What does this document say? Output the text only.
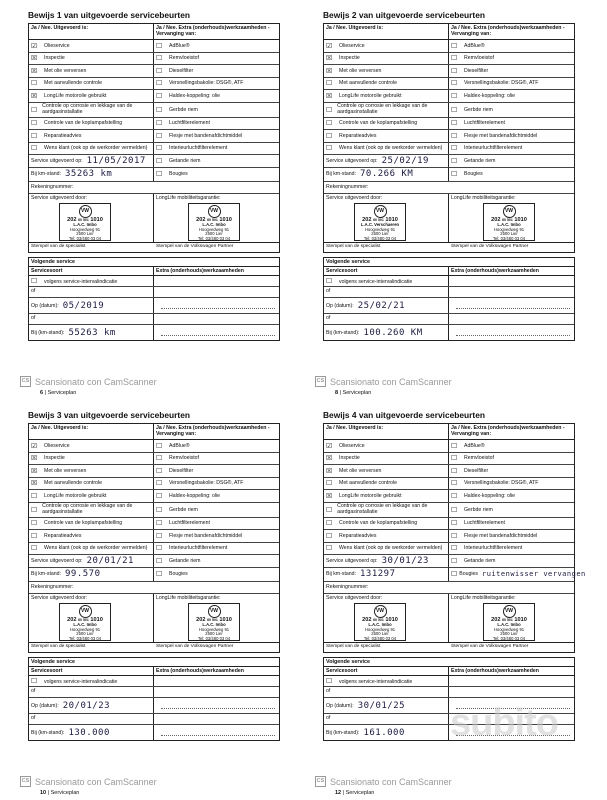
Bewijs 1 van uitgevoerde servicebeurten
Ja / Nee. Uitgevoerd is:	Ja / Nee. Extra (onderhouds)werkzaamheden - Vervanging van:
☑	Olieservice	☐	AdBlue®
☒	Inspectie	☐	Remvloeistof
☒	Met olie verversen	☐	Dieselfilter
☐	Met aanvullende controle	☐	Versnellingsbakolie: DSG®, ATF
☒	LongLife motorolie gebruikt	☐	Haldex-koppeling: olie
☐ Controle op corrosie en lekkage van de aardgasinstallatie	☐	Gerbde riem
☐	Controle van de koplampafstelling	☐	Luchtfilterelement
☐	Reparatieadvies	☐	Flesje met bandenafdichtmiddel
☐	Wens klant (ook op de werkorder vermelden) ☐	Interieurluchtfilterelement
Service uitgevoerd op: 11/05/2017 ☐	Getande riem
Bij km-stand: 35263 km	☐	Bougies
Rekeningnummer:
Service uitgevoerd door:
VW
202 60 501 1010
L.A.C. Imbo
Hoogvedweg 91
2500 Lier
Tel: 03/480 03 04
LongLife mobiliteitsgarantie:
VW
202 60 501 1010
L.A.C. Imbo
Hoogvedweg 91
2500 Lier
Tel: 03/480 03 04
Stempel van de specialist	Stempel van de Volkswagen Partner
Volgende service
Servicesoort	Extra (onderhouds)werkzaamheden
☐ volgens service-intervalindicatie
of
Op (datum): 05/2019
of
Bij (km-stand): 55263 km
CS Scansionato con CamScanner
6 | Serviceplan
Bewijs 2 van uitgevoerde servicebeurten
Ja / Nee. Uitgevoerd is:	Ja / Nee. Extra (onderhouds)werkzaamheden - Vervanging van:
☑	Olieservice	☐	AdBlue®
☒	Inspectie	☐	Remvloeistof
☒	Met olie verversen	☐	Dieselfilter
☐	Met aanvullende controle	☐	Versnellingsbakolie: DSG®, ATF
☒	LongLife motorolie gebruikt	☐	Haldex-koppeling: olie
☐ Controle op corrosie en lekkage van de aardgasinstallatie	☐	Gerbde riem
☐	Controle van de koplampafstelling	☐	Luchtfilterelement
☐	Reparatieadvies	☐	Flesje met bandenafdichtmiddel
☐	Wens klant (ook op de werkorder vermelden) ☐	Interieurluchtfilterelement
Service uitgevoerd op: 25/02/19	☐	Getande riem
Bij km-stand: 70.266 KM	☐	Bougies
Rekeningnummer:
Service uitgevoerd door:
VW
202 60 501 1010
L.A.C. Verschaeren
Hoogvedweg 91
2500 Lier
Tel: 03/480 03 04
LongLife mobiliteitsgarantie:
VW
202 60 501 1010
L.A.C. Imbo
Hoogvedweg 91
2500 Lier
Tel: 03/480 03 04
Stempel van de specialist	Stempel van de Volkswagen Partner
Volgende service
Servicesoort	Extra (onderhouds)werkzaamheden
☐ volgens service-intervalindicatie
of
Op (datum): 25/02/21
of
Bij (km-stand): 100.260 KM
CS Scansionato con CamScanner
8 | Serviceplan
Bewijs 3 van uitgevoerde servicebeurten
Ja / Nee. Uitgevoerd is:	Ja / Nee. Extra (onderhouds)werkzaamheden - Vervanging van:
☑	Olieservice	☐	AdBlue®
☒	Inspectie	☐	Remvloeistof
☒	Met olie verversen	☐	Dieselfilter
☒	Met aanvullende controle	☐	Versnellingsbakolie: DSG®, ATF
☐	LongLife motorolie gebruikt	☐	Haldex-koppeling: olie
☐ Controle op corrosie en lekkage van de aardgasinstallatie	☐	Gerbde riem
☐	Controle van de koplampafstelling	☐	Luchtfilterelement
☐	Reparatieadvies	☐	Flesje met bandenafdichtmiddel
☐	Wens klant (ook op de werkorder vermelden) ☐	Interieurluchtfilterelement
Service uitgevoerd op: 20/01/21	☐	Getande riem
Bij km-stand: 99.570	☐	Bougies
Rekeningnummer:
Service uitgevoerd door:
VW
202 60 501 1010
L.A.C. Imbo
Hoogvedweg 91
2500 Lier
Tel: 03/480 03 04
LongLife mobiliteitsgarantie:
VW
202 60 501 1010
L.A.C. Imbo
Hoogvedweg 91
2500 Lier
Tel: 03/480 03 04
Stempel van de specialist	Stempel van de Volkswagen Partner
Volgende service
Servicesoort	Extra (onderhouds)werkzaamheden
☐ volgens service-intervalindicatie
of
Op (datum): 20/01/23
of
Bij (km-stand): 130.000
CS Scansionato con CamScanner
10 | Serviceplan
Bewijs 4 van uitgevoerde servicebeurten
Ja / Nee. Uitgevoerd is:	Ja / Nee. Extra (onderhouds)werkzaamheden - Vervanging van:
☑	Olieservice	☐	AdBlue®
☒	Inspectie	☐	Remvloeistof
☒	Met olie verversen	☐	Dieselfilter
☐	Met aanvullende controle	☐	Versnellingsbakolie: DSG®, ATF
☒	LongLife motorolie gebruikt	☐	Haldex-koppeling: olie
☐ Controle op corrosie en lekkage van de aardgasinstallatie	☐	Gerbde riem
☐	Controle van de koplampafstelling	☐	Luchtfilterelement
☐	Reparatieadvies	☐	Flesje met bandenafdichtmiddel
☐	Wens klant (ook op de werkorder vermelden) ☐	Interieurluchtfilterelement
Service uitgevoerd op: 30/01/23	☐	Getande riem
Bij km-stand: 131297	☐ Bougies ruitenwisser vervangen
Rekeningnummer:
Service uitgevoerd door:
VW
202 60 501 1010
L.A.C. Imbo
Hoogvedweg 91
2500 Lier
Tel: 03/480 03 04
LongLife mobiliteitsgarantie:
VW
202 60 501 1010
L.A.C. Imbo
Hoogvedweg 91
2500 Lier
Tel: 03/480 03 04
Stempel van de specialist	Stempel van de Volkswagen Partner
Volgende service
Servicesoort	Extra (onderhouds)werkzaamheden
☐ volgens service-intervalindicatie
of
Op (datum): 30/01/25
of
Bij (km-stand): 161.000
CS Scansionato con CamScanner
12 | Serviceplan
subito
